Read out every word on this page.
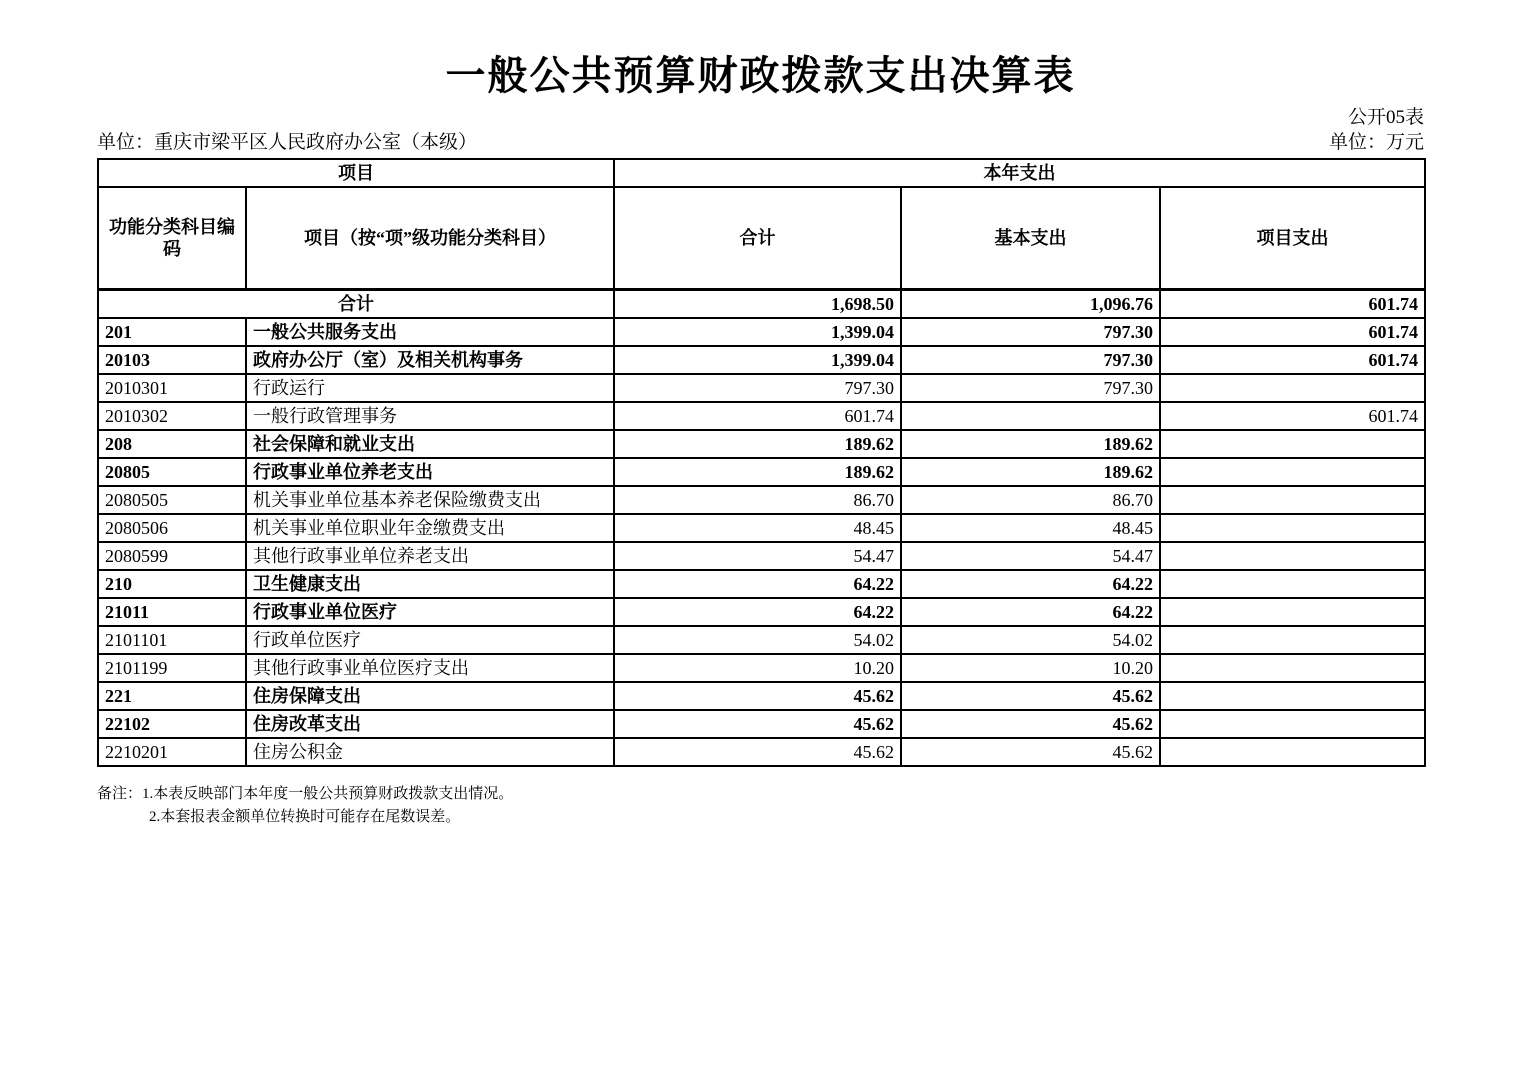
一般公共预算财政拨款支出决算表
公开05表
单位：重庆市梁平区人民政府办公室（本级）	单位：万元
项目		本年支出		
功能分类科目编码	项目（按“项”级功能分类科目）	合计	基本支出	项目支出
合计		1,698.50	1,096.76	601.74
201	一般公共服务支出	1,399.04	797.30	601.74
20103	政府办公厅（室）及相关机构事务	1,399.04	797.30	601.74
2010301	行政运行	797.30	797.30	
2010302	一般行政管理事务	601.74		601.74
208	社会保障和就业支出	189.62	189.62	
20805	行政事业单位养老支出	189.62	189.62	
2080505	机关事业单位基本养老保险缴费支出	86.70	86.70	
2080506	机关事业单位职业年金缴费支出	48.45	48.45	
2080599	其他行政事业单位养老支出	54.47	54.47	
210	卫生健康支出	64.22	64.22	
21011	行政事业单位医疗	64.22	64.22	
2101101	行政单位医疗	54.02	54.02	
2101199	其他行政事业单位医疗支出	10.20	10.20	
221	住房保障支出	45.62	45.62	
22102	住房改革支出	45.62	45.62	
2210201	住房公积金	45.62	45.62	
备注： 1.本表反映部门本年度一般公共预算财政拨款支出情况。
2.本套报表金额单位转换时可能存在尾数误差。
